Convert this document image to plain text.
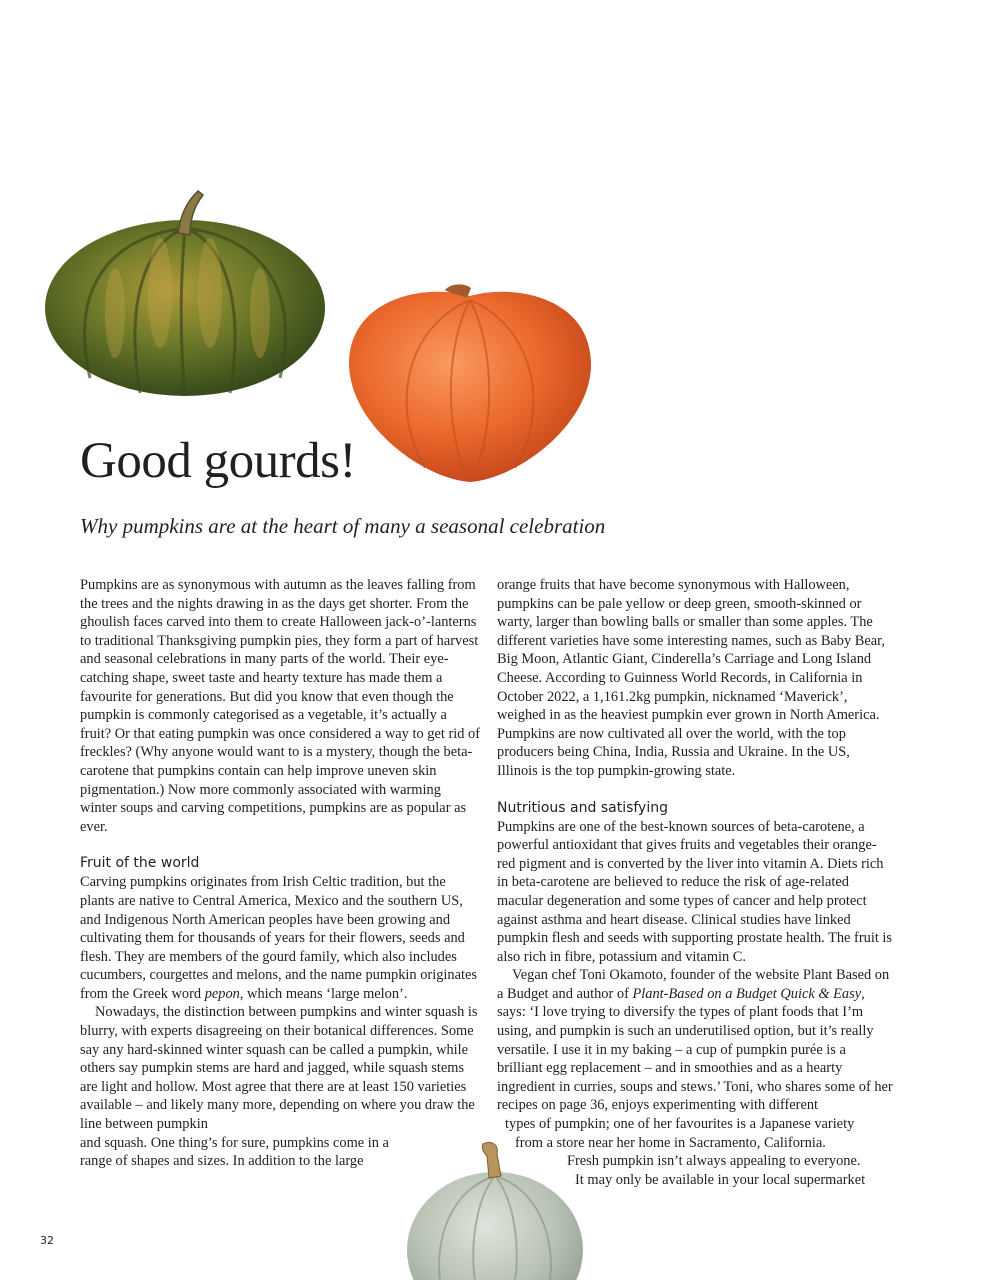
Good gourds!

Why pumpkins are at the heart of many a seasonal celebration

Pumpkins are as synonymous with autumn as the leaves falling from the trees and the nights drawing in as the days get shorter. From the ghoulish faces carved into them to create Halloween jack-o’-lanterns to traditional Thanksgiving pumpkin pies, they form a part of harvest and seasonal celebrations in many parts of the world. Their eye-catching shape, sweet taste and hearty texture has made them a favourite for generations. But did you know that even though the pumpkin is commonly categorised as a vegetable, it’s actually a fruit? Or that eating pumpkin was once considered a way to get rid of freckles? (Why anyone would want to is a mystery, though the beta-carotene that pumpkins contain can help improve uneven skin pigmentation.) Now more commonly associated with warming winter soups and carving competitions, pumpkins are as popular as ever.

Fruit of the world

Carving pumpkins originates from Irish Celtic tradition, but the plants are native to Central America, Mexico and the southern US, and Indigenous North American peoples have been growing and cultivating them for thousands of years for their flowers, seeds and flesh. They are members of the gourd family, which also includes cucumbers, courgettes and melons, and the name pumpkin originates from the Greek word pepon, which means ‘large melon’.

Nowadays, the distinction between pumpkins and winter squash is blurry, with experts disagreeing on their botanical differences. Some say any hard-skinned winter squash can be called a pumpkin, while others say pumpkin stems are hard and jagged, while squash stems are light and hollow. Most agree that there are at least 150 varieties available – and likely many more, depending on where you draw the line between pumpkin

and squash. One thing’s for sure, pumpkins come in a

range of shapes and sizes. In addition to the large

orange fruits that have become synonymous with Halloween, pumpkins can be pale yellow or deep green, smooth-skinned or warty, larger than bowling balls or smaller than some apples. The different varieties have some interesting names, such as Baby Bear, Big Moon, Atlantic Giant, Cinderella’s Carriage and Long Island Cheese. According to Guinness World Records, in California in October 2022, a 1,161.2kg pumpkin, nicknamed ‘Maverick’, weighed in as the heaviest pumpkin ever grown in North America. Pumpkins are now cultivated all over the world, with the top producers being China, India, Russia and Ukraine. In the US, Illinois is the top pumpkin-growing state.

Nutritious and satisfying

Pumpkins are one of the best-known sources of beta-carotene, a powerful antioxidant that gives fruits and vegetables their orange-red pigment and is converted by the liver into vitamin A. Diets rich in beta-carotene are believed to reduce the risk of age-related macular degeneration and some types of cancer and help protect against asthma and heart disease. Clinical studies have linked pumpkin flesh and seeds with supporting prostate health. The fruit is also rich in fibre, potassium and vitamin C.

Vegan chef Toni Okamoto, founder of the website Plant Based on a Budget and author of Plant-Based on a Budget Quick & Easy, says: ‘I love trying to diversify the types of plant foods that I’m using, and pumpkin is such an underutilised option, but it’s really versatile. I use it in my baking – a cup of pumpkin purée is a brilliant egg replacement – and in smoothies and as a hearty ingredient in curries, soups and stews.’ Toni, who shares some of her recipes on page 36, enjoys experimenting with different

types of pumpkin; one of her favourites is a Japanese variety

from a store near her home in Sacramento, California.

Fresh pumpkin isn’t always appealing to everyone.

It may only be available in your local supermarket

32
